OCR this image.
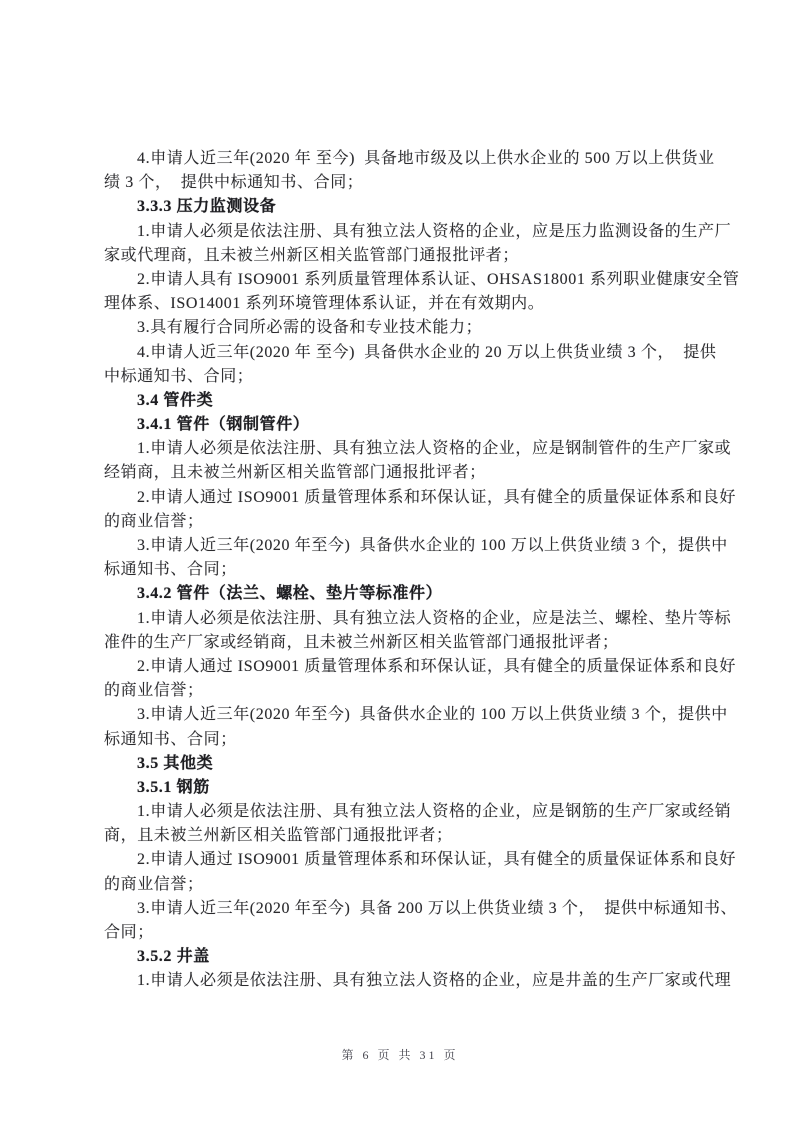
4.申请人近三年(2020 年 至今)  具备地市级及以上供水企业的 500 万以上供货业
绩 3 个，  提供中标通知书、合同；
3.3.3 压力监测设备
1.申请人必须是依法注册、具有独立法人资格的企业，应是压力监测设备的生产厂
家或代理商，且未被兰州新区相关监管部门通报批评者；
2.申请人具有 ISO9001 系列质量管理体系认证、OHSAS18001 系列职业健康安全管
理体系、ISO14001 系列环境管理体系认证，并在有效期内。
3.具有履行合同所必需的设备和专业技术能力；
4.申请人近三年(2020 年 至今)  具备供水企业的 20 万以上供货业绩 3 个，  提供
中标通知书、合同；
3.4 管件类
3.4.1 管件（钢制管件）
1.申请人必须是依法注册、具有独立法人资格的企业，应是钢制管件的生产厂家或
经销商，且未被兰州新区相关监管部门通报批评者；
2.申请人通过 ISO9001 质量管理体系和环保认证，具有健全的质量保证体系和良好
的商业信誉；
3.申请人近三年(2020 年至今)  具备供水企业的 100 万以上供货业绩 3 个，提供中
标通知书、合同；
3.4.2 管件（法兰、螺栓、垫片等标准件）
1.申请人必须是依法注册、具有独立法人资格的企业，应是法兰、螺栓、垫片等标
准件的生产厂家或经销商，且未被兰州新区相关监管部门通报批评者；
2.申请人通过 ISO9001 质量管理体系和环保认证，具有健全的质量保证体系和良好
的商业信誉；
3.申请人近三年(2020 年至今)  具备供水企业的 100 万以上供货业绩 3 个，提供中
标通知书、合同；
3.5 其他类
3.5.1 钢筋
1.申请人必须是依法注册、具有独立法人资格的企业，应是钢筋的生产厂家或经销
商，且未被兰州新区相关监管部门通报批评者；
2.申请人通过 ISO9001 质量管理体系和环保认证，具有健全的质量保证体系和良好
的商业信誉；
3.申请人近三年(2020 年至今)  具备 200 万以上供货业绩 3 个，  提供中标通知书、
合同；
3.5.2 井盖
1.申请人必须是依法注册、具有独立法人资格的企业，应是井盖的生产厂家或代理
第 6 页 共 31 页
